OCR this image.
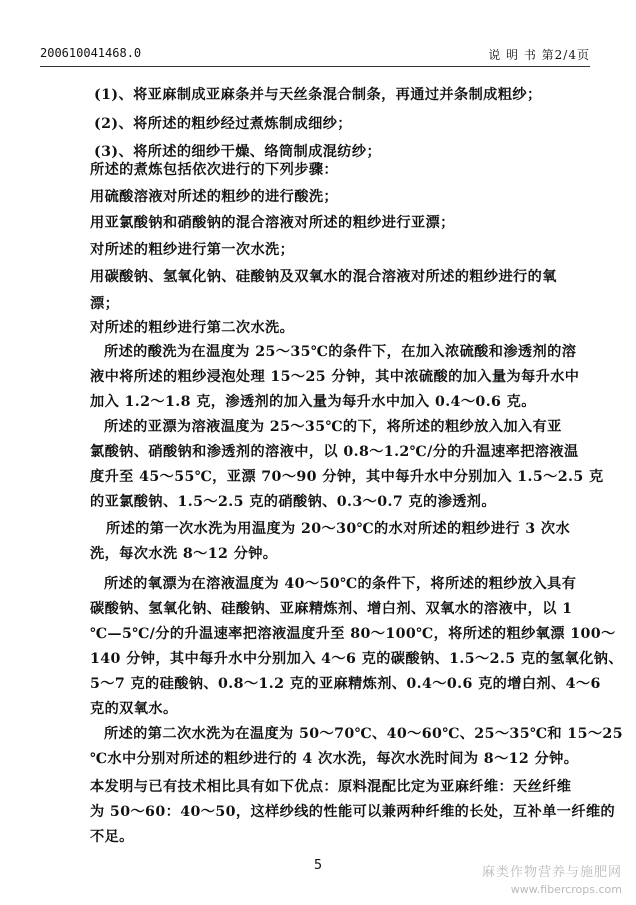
200610041468.0	说 明 书 第2/4页
(1)、将亚麻制成亚麻条并与天丝条混合制条，再通过并条制成粗纱；
(2)、将所述的粗纱经过煮炼制成细纱；
(3)、将所述的细纱干燥、络筒制成混纺纱；
所述的煮炼包括依次进行的下列步骤：
用硫酸溶液对所述的粗纱的进行酸洗；
用亚氯酸钠和硝酸钠的混合溶液对所述的粗纱进行亚漂；
对所述的粗纱进行第一次水洗；
用碳酸钠、氢氧化钠、硅酸钠及双氧水的混合溶液对所述的粗纱进行的氧
漂；
对所述的粗纱进行第二次水洗。
所述的酸洗为在温度为 25～35℃的条件下，在加入浓硫酸和渗透剂的溶
液中将所述的粗纱浸泡处理 15～25 分钟，其中浓硫酸的加入量为每升水中
加入 1.2～1.8 克，渗透剂的加入量为每升水中加入 0.4～0.6 克。
所述的亚漂为溶液温度为 25～35℃的下，将所述的粗纱放入加入有亚
氯酸钠、硝酸钠和渗透剂的溶液中，以 0.8～1.2℃/分的升温速率把溶液温
度升至 45～55℃，亚漂 70～90 分钟，其中每升水中分别加入 1.5～2.5 克
的亚氯酸钠、1.5～2.5 克的硝酸钠、0.3～0.7 克的渗透剂。
所述的第一次水洗为用温度为 20～30℃的水对所述的粗纱进行 3 次水
洗，每次水洗 8～12 分钟。
所述的氧漂为在溶液温度为 40～50℃的条件下，将所述的粗纱放入具有
碳酸钠、氢氧化钠、硅酸钠、亚麻精炼剂、增白剂、双氧水的溶液中，以 1
℃—5℃/分的升温速率把溶液温度升至 80～100℃，将所述的粗纱氧漂 100～
140 分钟，其中每升水中分别加入 4～6 克的碳酸钠、1.5～2.5 克的氢氧化钠、
5～7 克的硅酸钠、0.8～1.2 克的亚麻精炼剂、0.4～0.6 克的增白剂、4～6
克的双氧水。
所述的第二次水洗为在温度为 50～70℃、40～60℃、25～35℃和 15～25
℃水中分别对所述的粗纱进行的 4 次水洗，每次水洗时间为 8～12 分钟。
本发明与已有技术相比具有如下优点：原料混配比定为亚麻纤维：天丝纤维
为 50～60：40～50，这样纱线的性能可以兼两种纤维的长处，互补单一纤维的
不足。
5	麻类作物营养与施肥网
www.fibercrops.com
